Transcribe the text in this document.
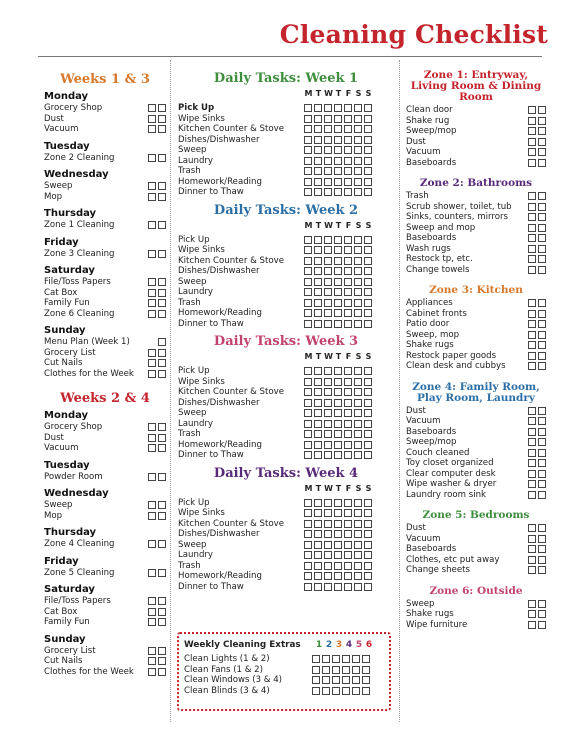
Cleaning Checklist
Weeks 1 & 3
Monday
Grocery Shop
Dust
Vacuum
Tuesday
Zone 2 Cleaning
Wednesday
Sweep
Mop
Thursday
Zone 1 Cleaning
Friday
Zone 3 Cleaning
Saturday
File/Toss Papers
Cat Box
Family Fun
Zone 6 Cleaning
Sunday
Menu Plan (Week 1)
Grocery List
Cut Nails
Clothes for the Week
Weeks 2 & 4
Monday
Grocery Shop
Dust
Vacuum
Tuesday
Powder Room
Wednesday
Sweep
Mop
Thursday
Zone 4 Cleaning
Friday
Zone 5 Cleaning
Saturday
File/Toss Papers
Cat Box
Family Fun
Sunday
Grocery List
Cut Nails
Clothes for the Week
Daily Tasks: Week 1
M T W T F S S
Pick Up
Wipe Sinks
Kitchen Counter & Stove
Dishes/Dishwasher
Sweep
Laundry
Trash
Homework/Reading
Dinner to Thaw
Daily Tasks: Week 2
M T W T F S S
Pick Up
Wipe Sinks
Kitchen Counter & Stove
Dishes/Dishwasher
Sweep
Laundry
Trash
Homework/Reading
Dinner to Thaw
Daily Tasks: Week 3
M T W T F S S
Pick Up
Wipe Sinks
Kitchen Counter & Stove
Dishes/Dishwasher
Sweep
Laundry
Trash
Homework/Reading
Dinner to Thaw
Daily Tasks: Week 4
M T W T F S S
Pick Up
Wipe Sinks
Kitchen Counter & Stove
Dishes/Dishwasher
Sweep
Laundry
Trash
Homework/Reading
Dinner to Thaw
Weekly Cleaning Extras 1 2 3 4 5 6
Clean Lights (1 & 2)
Clean Fans (1 & 2)
Clean Windows (3 & 4)
Clean Blinds (3 & 4)
Zone 1: Entryway, Living Room & Dining Room
Clean door
Shake rug
Sweep/mop
Dust
Vacuum
Baseboards
Zone 2: Bathrooms
Trash
Scrub shower, toilet, tub
Sinks, counters, mirrors
Sweep and mop
Baseboards
Wash rugs
Restock tp, etc.
Change towels
Zone 3: Kitchen
Appliances
Cabinet fronts
Patio door
Sweep, mop
Shake rugs
Restock paper goods
Clean desk and cubbys
Zone 4: Family Room, Play Room, Laundry
Dust
Vacuum
Baseboards
Sweep/mop
Couch cleaned
Toy closet organized
Clear computer desk
Wipe washer & dryer
Laundry room sink
Zone 5: Bedrooms
Dust
Vacuum
Baseboards
Clothes, etc put away
Change sheets
Zone 6: Outside
Sweep
Shake rugs
Wipe furniture
